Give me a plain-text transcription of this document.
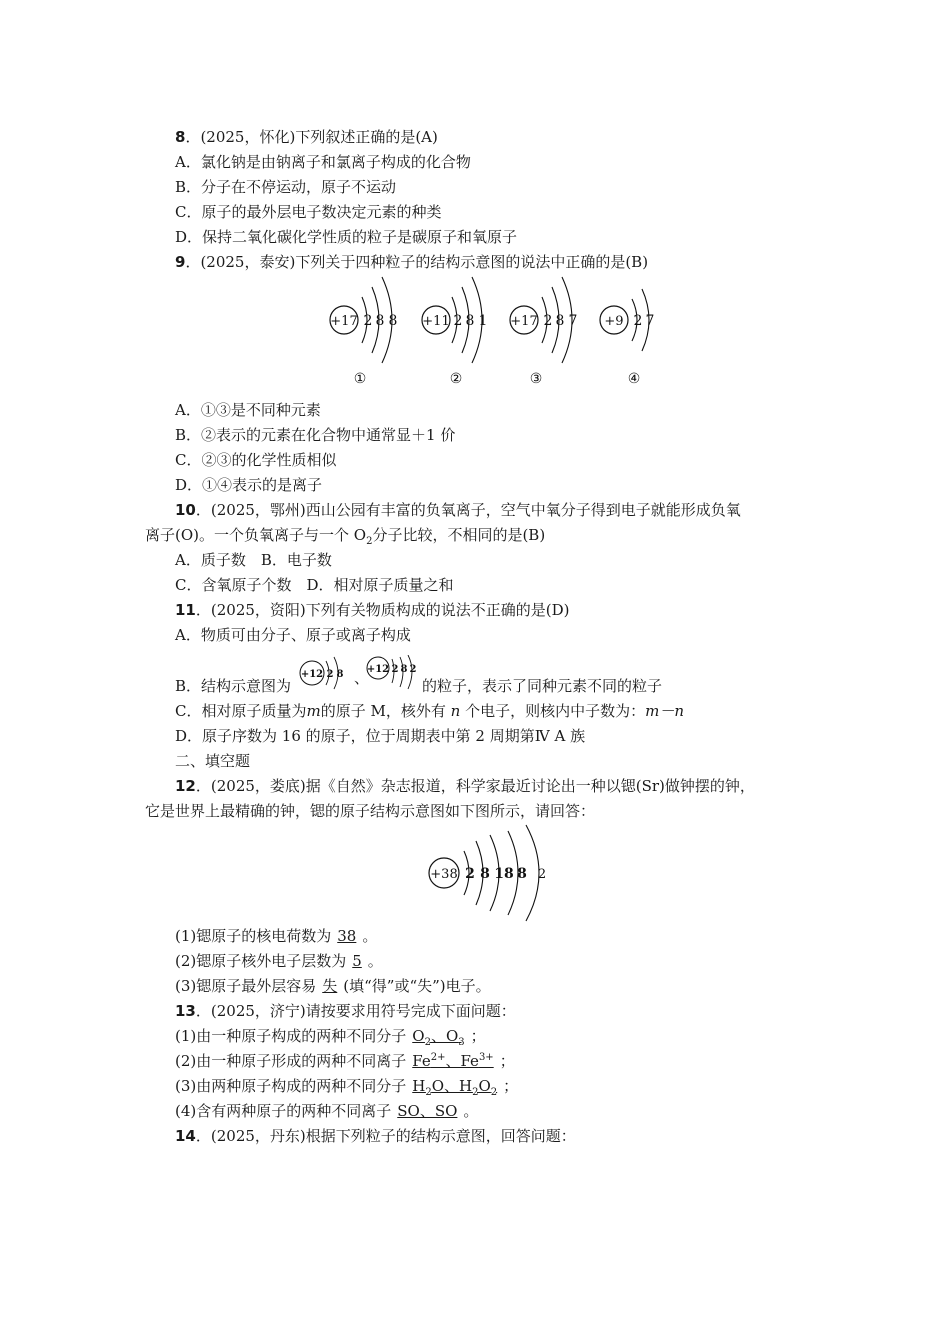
8．(2025，怀化)下列叙述正确的是(A)
A．氯化钠是由钠离子和氯离子构成的化合物
B．分子在不停运动，原子不运动
C．原子的最外层电子数决定元素的种类
D．保持二氧化碳化学性质的粒子是碳原子和氧原子
9．(2025，泰安)下列关于四种粒子的结构示意图的说法中正确的是(B)
+17 2 8 8
①
+11 2 8 1
②
+17 2 8 7
③
+9 2 7
④
A．①③是不同种元素
B．②表示的元素在化合物中通常显＋1 价
C．②③的化学性质相似
D．①④表示的是离子
10．(2025，鄂州)西山公园有丰富的负氧离子，空气中氧分子得到电子就能形成负氧
离子(O)。一个负氧离子与一个 $O_2$分子比较，不相同的是(B)
A．质子数　B．电子数
C．含氧原子个数　D．相对原子质量之和
11．(2025，资阳)下列有关物质构成的说法不正确的是(D)
A．物质可由分子、原子或离子构成
B．结构示意图为
+12 2 8 +12 2 8 2
、	的粒子，表示了同种元素不同的粒子
C．相对原子质量为m的原子 M，核外有 n 个电子，则核内中子数为：m－n
D．原子序数为 16 的原子，位于周期表中第 2 周期第Ⅳ A 族
二、填空题
12．(2025，娄底)据《自然》杂志报道，科学家最近讨论出一种以锶(Sr)做钟摆的钟，
它是世界上最精确的钟，锶的原子结构示意图如下图所示，请回答：
+38 2 8 18 8 2
(1)锶原子的核电荷数为 38 。
(2)锶原子核外电子层数为 5 。
(3)锶原子最外层容易 失 (填“得”或“失”)电子。
13．(2025，济宁)请按要求用符号完成下面问题：
(1)由一种原子构成的两种不同分子 $O_2$、$O_3$ ；
(2)由一种原子形成的两种不同离子 $Fe^{2+}$、$Fe^{3+}$ ；
(3)由两种原子构成的两种不同分子 $H_2O$、$H_2O_2$ ；
(4)含有两种原子的两种不同离子 SO、SO 。
14．(2025，丹东)根据下列粒子的结构示意图，回答问题：
